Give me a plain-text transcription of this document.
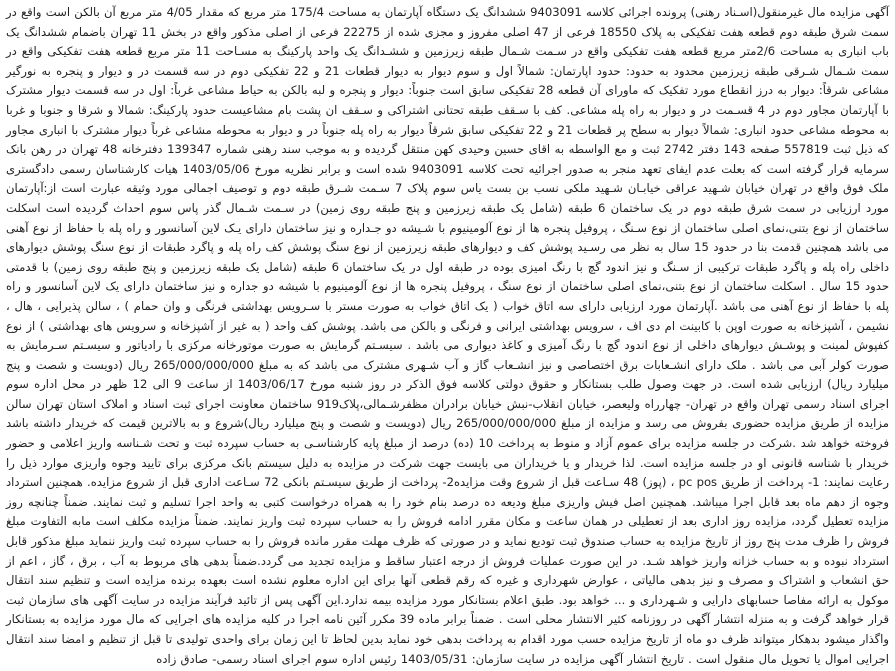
آگهی مزایده مال غیرمنقول(اسـناد رهنی) پرونده اجرائی کلاسه 9403091 ششدانگ یک دستگاه آپارتمان به مساحت 175/4 متر مربع که مقدار 4/05 متر مربع آن بالکن است واقع در سمت شرق طبقه دوم قطعه هفت تفکیکی به پلاک 18550 فرعی از 47 اصلی مفروز و مجزی شده از 22275 فرعی از اصلی مذکور واقع در بخش 11 تهران باضمام ششدانگ یک باب انباری به مساحت 2/6متر مربع قطعه هفت تفکیکی واقع در سـمت شـمال طبقه زیرزمین و ششـدانگ یک واحد پارکینگ به مسـاحت 11 متر مربع قطعه هفت تفکیکی واقع در سمت شـمال شـرقی طبقه زیرزمین محدود به حدود: حدود اپارتمان: شمالاً اول و سوم دیوار به دیوار قطعات 21 و 22 تفکیکی دوم در سه قسمت در و دیوار و پنجره به نورگیر مشاعی شرقاً: دیوار به درز انقطاع مورد تفکیک که ماورای آن قطعه 28 تفکیکی سابق است جنوباً: دیوار و پنجره و لبه بالکن به حیاط مشاعی غرباً: اول در سه قسمت دیوار مشترک با آپارتمان مجاور دوم در 4 قسـمت در و دیوار به راه پله مشاعی. کف با سـقف طبقه تحتانی اشتراکی و سـقف ان پشت بام مشاعیست حدود پارکینگ: شمالا و شرقا و جنوبا و غربا به محوطه مشاعی حدود انباری: شمالاً دیوار به سطح پر قطعات 21 و 22 تفکیکی سابق شرقاً دیوار به راه پله جنوباً در و دیوار به محوطه مشاعی غرباً دیوار مشترک با انباری مجاور که ذیل ثبت 557819 صفحه 143 دفتر 2742 ثبت و مع الواسطه به اقای حسین وحیدی کهن منتقل گردیده و به موجب سند رهنی شماره 139347 دفترخانه 48 تهران در رهن بانک سرمایه قرار گرفته است که بعلت عدم ایفای تعهد منجر به صدور اجرائیه تحت کلاسه 9403091 شده است و برابر نظریه مورخ 1403/05/06 هیات کارشناسان رسمی دادگستری ملک فوق واقع در تهران خیابان شـهید عراقی خیابـان شـهید ملکی نسب بن بست یاس سوم پلاک 7 سـمت شـرق طبقه دوم و توصیف اجمالی مورد وثیقه عبارت است از:آپارتمان مورد ارزیابی در سمت شرق طبقه دوم در یک ساختمان 6 طبقه (شامل یک طبقه زیرزمین و پنج طبقه روی زمین) در سـمت شـمال گذر پاس سوم احداث گردیده است اسکلت ساختمان از نوع بتنی،نمای اصلی ساختمان از نوع سـنگ ، پروفیل پنجره ها از نوع آلومینیوم با شـیشه دو جـداره و نیز ساختمان دارای یـک لاین آسانسور و راه پله با حفاظ از نوع آهنی می باشد همچنین قدمت بنا در حدود 15 سال به نظر می رسـید پوشش کف و دیوارهای طبقه زیرزمین از نوع سنگ پوشش کف راه پله و پاگرد طبقات از نوع سنگ پوشش دیوارهای داخلی راه پله و پاگرد طبقات ترکیبی از سـنگ و نیز اندود گچ با رنگ امیزی بوده در طبقه اول در یک ساختمان 6 طبقه (شامل یک طبقه زیرزمین و پنج طبقه روی زمین) با قدمتی حدود 15 سال . اسکلت ساختمان از نوع بتنی،نمای اصلی ساختمان از نوع سنگ ، پروفیل پنجره ها از نوع آلومینیوم با شیشه دو جداره و نیز ساختمان دارای یک لاین آسانسور و راه پله با حفاظ از نوع آهنی می باشد .آپارتمان مورد ارزیابی دارای سه اتاق خواب ( یک اتاق خواب به صورت مستر با سـرویس بهداشتی فرنگی و وان حمام ) ، سالن پذیرایی ، هال ، نشیمن ، آشپزخانه به صورت اوپن با کابینت ام دی اف ، سرویس بهداشتی ایرانی و فرنگی و بالکن می باشد. پوشش کف واحد ( به غیر از آشپزخانه و سرویس های بهداشتی ) از نوع کفپوش لمینت و پوشـش دیوارهای داخلی از نوع اندود گچ با رنگ آمیزی و کاغذ دیواری می باشد . سیسـتم گرمایش به صورت موتورخانه مرکزی با رادیاتور و سیسـتم سـرمایش به صورت کولر آبی می باشد . ملک دارای انشـعابات برق اختصاصی و نیز انشـعاب گاز و آب شـهری مشترک می باشد که به مبلغ 265/000/000/000 ریال (دویست و شصت و پنج میلیارد ریال) ارزیابی شده است. در جهت وصول طلب بستانکار و حقوق دولتی کلاسه فوق الذکر در روز شنبه مورخ 1403/06/17 از ساعت 9 الی 12 ظهر در محل اداره سوم اجرای اسناد رسمی تهران واقع در تهران- چهارراه ولیعصر، خیابان انقلاب-نبش خیابان برادران مظفرشـمالی،پلاک919 ساختمان معاونت اجرای ثبت اسناد و املاک استان تهران سالن مزایده از طریق مزایده حضوری بفروش می رسد و مزایده از مبلغ 265/000/000/000 ریال (دویست و شصت و پنج میلیارد ریال)شروع و به بالاترین قیمت که خریدار داشته باشد فروخته خواهد شد .شرکت در جلسه مزایده برای عموم آزاد و منوط به پرداخت 10 (ده) درصد از مبلغ پایه کارشناسـی به حساب سپرده ثبت و تحت شـناسه واریز اعلامی و حضور خریدار با شناسه قانونی او در جلسه مزایده است. لذا خریدار و یا خریداران می بایست جهت شرکت در مزایده به دلیل سیستم بانک مرکزی برای تایید وجوه واریزی موارد ذیل را رعایت نمایند: 1- پرداخت از طریق pc pos ، (پوز) 48 سـاعت قبل از شروع وقت مزایده2- پرداخت از طریق سیسـتم بانکی 72 سـاعت اداری قبل از شروع مزایده. همچنین استرداد وجوه از دهم ماه بعد قابل اجرا میباشد. همچنین اصل فیش واریزی مبلغ ودیعه ده درصد بنام خود را به همراه درخواست کتبی به واحد اجرا تسلیم و ثبت نمایند. ضمناً چنانچه روز مزایده تعطیل گردد، مزایده روز اداری بعد از تعطیلی در همان ساعت و مکان مقرر ادامه فروش را به حساب سپرده ثبت واریز نمایند. ضمناً مزایده مکلف است مابه التفاوت مبلغ فروش را ظرف مدت پنج روز از تاریخ مزایده به حساب صندوق ثبت تودیع نماید و در صورتی که ظرف مهلت مقرر مانده فروش را به حساب سپرده ثبت واریز ننماید مبلغ مذکور قابل استرداد نبوده و به حساب خزانه واریز خواهد شـد. در این صورت عملیات فروش از درجه اعتبار ساقط و مزایده تجدید می گردد.ضمناً بدهی های مربوط به آب ، برق ، گاز ، اعم از حق انشعاب و اشتراک و مصرف و نیز بدهی مالیاتی ، عوارض شهرداری و غیره که رقم قطعی آنها برای این اداره معلوم نشده است بعهده برنده مزایده است و تنظیم سند انتقال موکول به ارائه مفاصا حسابهای دارایی و شـهرداری و ... خواهد بود. طبق اعلام بستانکار مورد مزایده بیمه ندارد.این آگهی پس از تائید فرآیند مزایده در سایت آگهی های سازمان ثبت قرار خواهد گرفت و به منزله انتشار آگهی در روزنامه کثیر الانتشار محلی است . ضمناً برابر ماده 39 مکرر آئین نامه اجرا در کلیه مزایده های اجرایی که مال مورد مزایده به بستانکار واگذار میشود بدهکار میتواند ظرف دو ماه از تاریخ مزایده حسب مورد اقدام به پرداخت بدهی خود نماید بدین لحاظ تا این زمان برای واحدی تولیدی تا قبل از تنظیم و امضا سند انتقال اجرایی اموال یا تحویل مال منقول است . تاریخ انتشار آگهی مزایده در سایت سازمان: 1403/05/31 رئیس اداره سوم اجرای اسناد رسمی- صادق زاده
